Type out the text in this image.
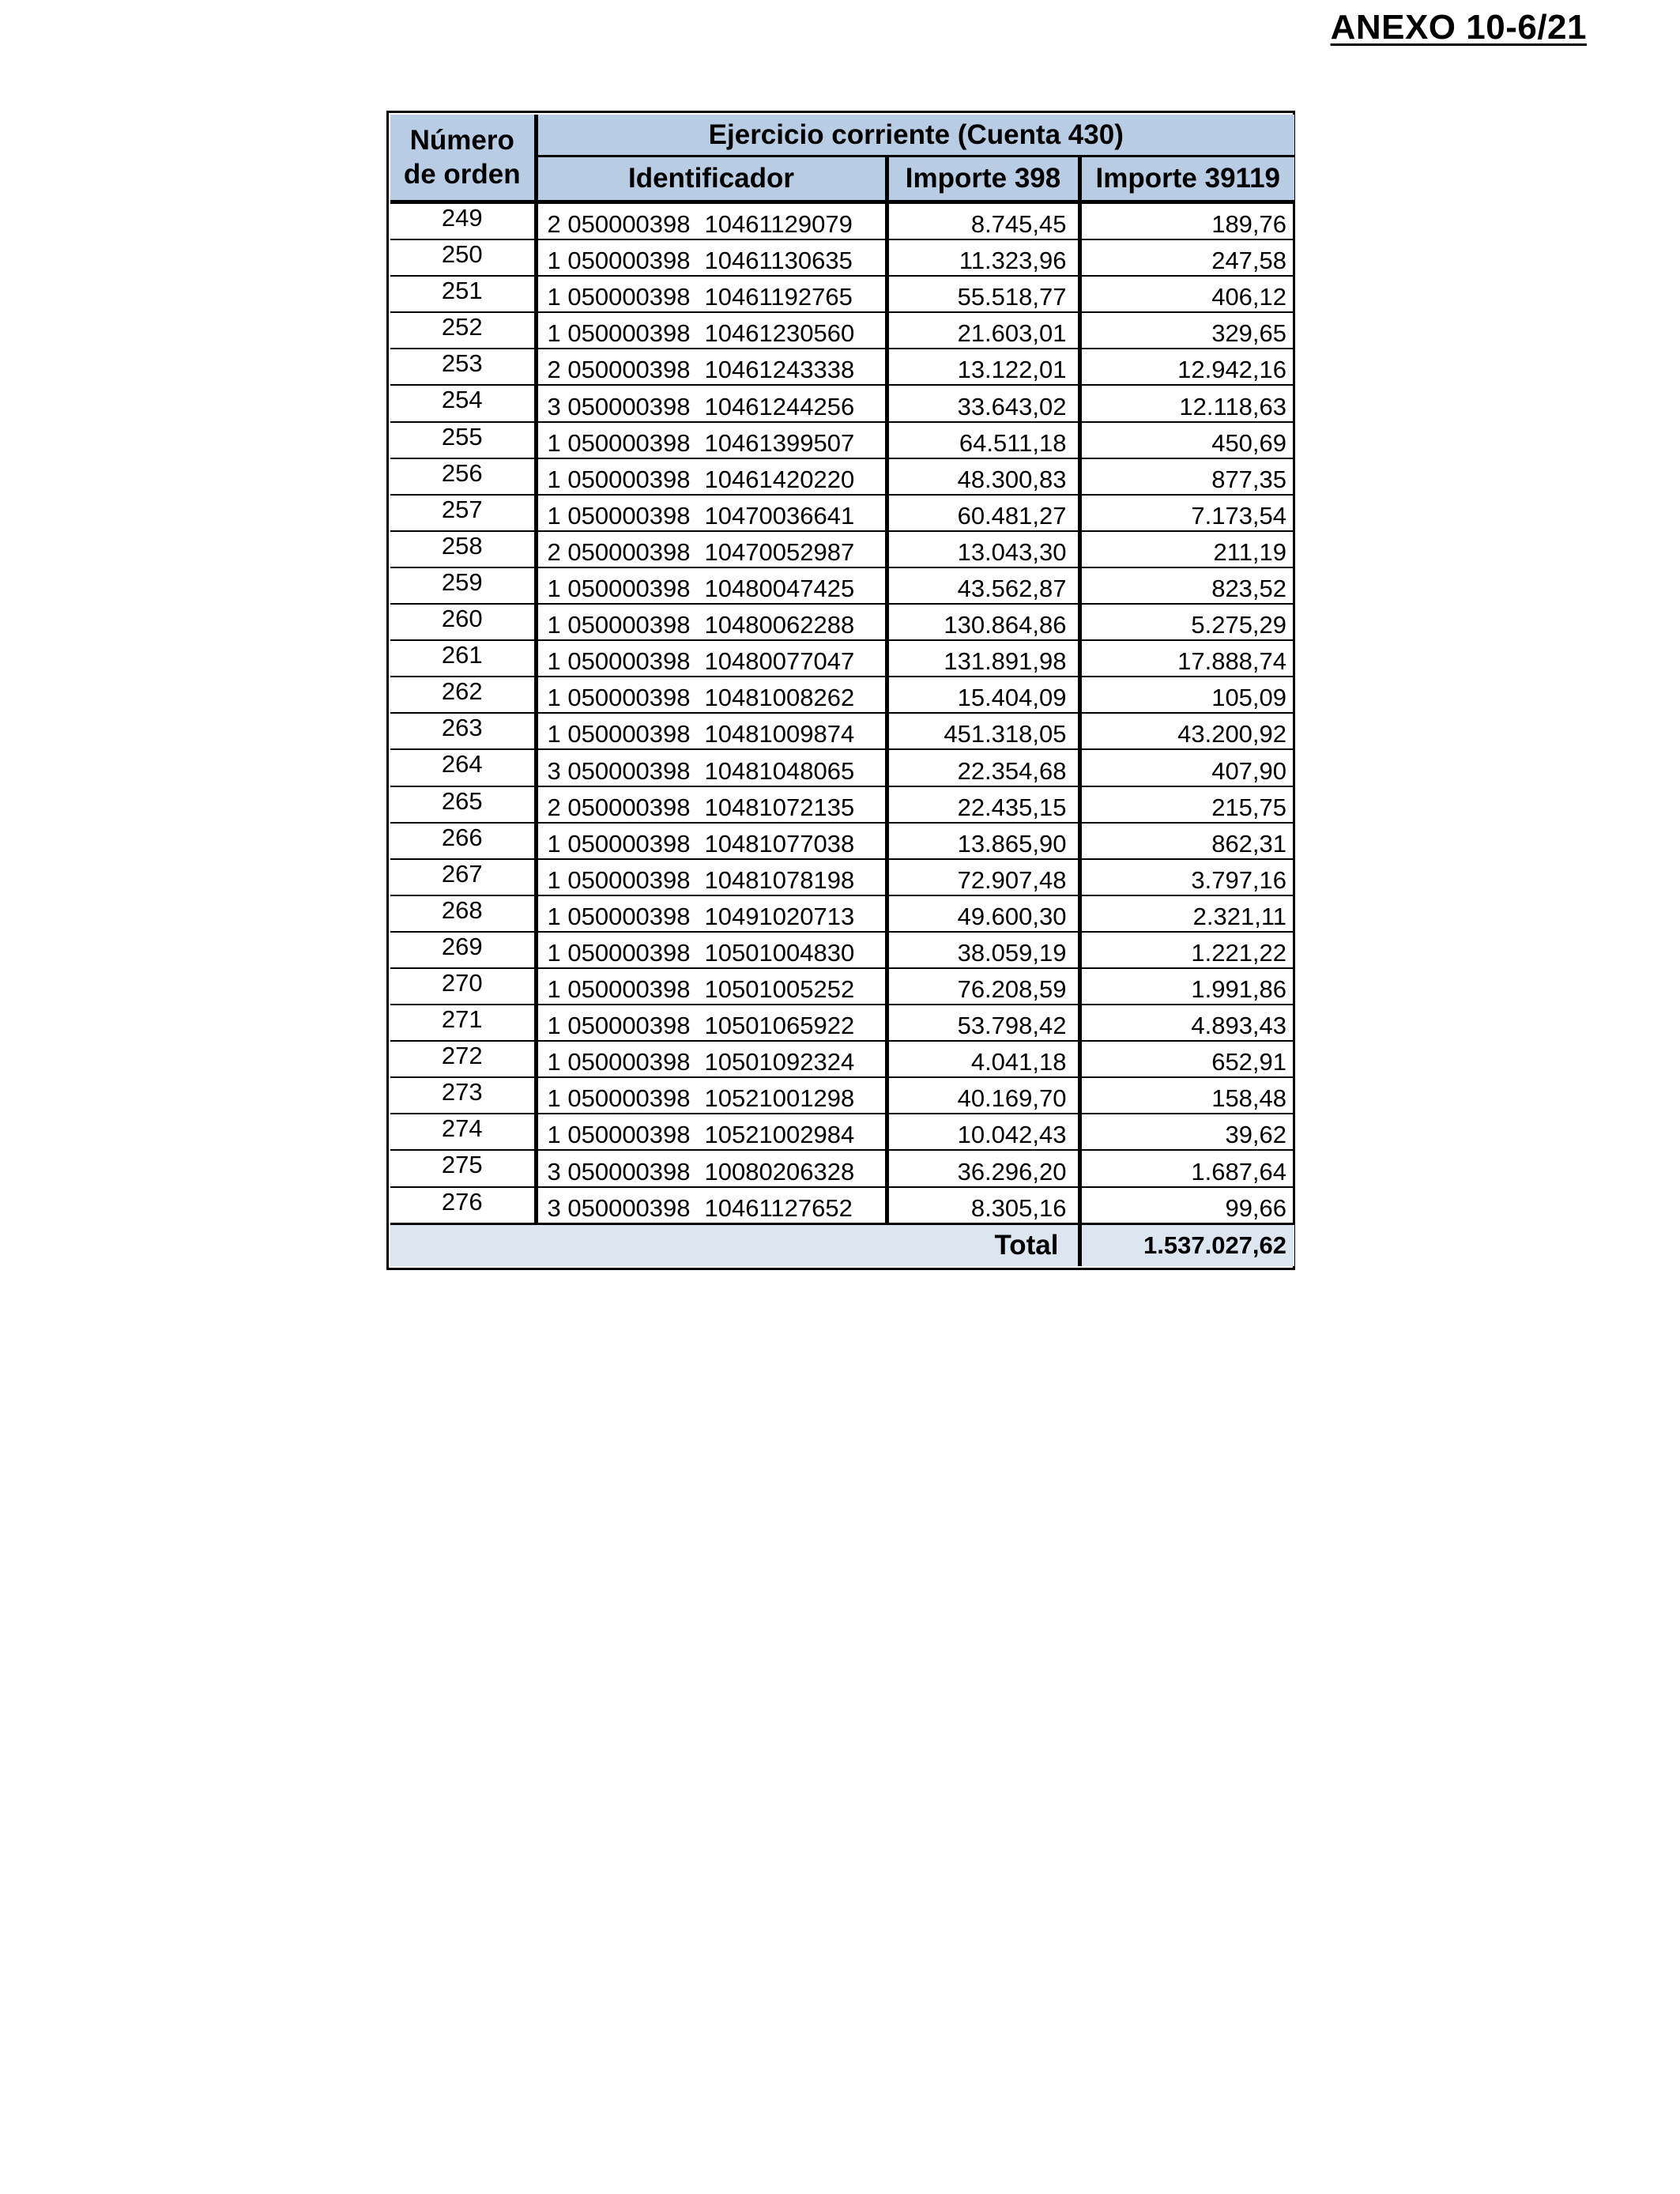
ANEXO 10-6/21
Número
de orden	Ejercicio corriente (Cuenta 430)		
	Identificador	Importe 398	Importe 39119
249	2 050000398 10461129079	8.745,45	189,76
250	1 050000398 10461130635	11.323,96	247,58
251	1 050000398 10461192765	55.518,77	406,12
252	1 050000398 10461230560	21.603,01	329,65
253	2 050000398 10461243338	13.122,01	12.942,16
254	3 050000398 10461244256	33.643,02	12.118,63
255	1 050000398 10461399507	64.511,18	450,69
256	1 050000398 10461420220	48.300,83	877,35
257	1 050000398 10470036641	60.481,27	7.173,54
258	2 050000398 10470052987	13.043,30	211,19
259	1 050000398 10480047425	43.562,87	823,52
260	1 050000398 10480062288	130.864,86	5.275,29
261	1 050000398 10480077047	131.891,98	17.888,74
262	1 050000398 10481008262	15.404,09	105,09
263	1 050000398 10481009874	451.318,05	43.200,92
264	3 050000398 10481048065	22.354,68	407,90
265	2 050000398 10481072135	22.435,15	215,75
266	1 050000398 10481077038	13.865,90	862,31
267	1 050000398 10481078198	72.907,48	3.797,16
268	1 050000398 10491020713	49.600,30	2.321,11
269	1 050000398 10501004830	38.059,19	1.221,22
270	1 050000398 10501005252	76.208,59	1.991,86
271	1 050000398 10501065922	53.798,42	4.893,43
272	1 050000398 10501092324	4.041,18	652,91
273	1 050000398 10521001298	40.169,70	158,48
274	1 050000398 10521002984	10.042,43	39,62
275	3 050000398 10080206328	36.296,20	1.687,64
276	3 050000398 10461127652	8.305,16	99,66
		Total	1.537.027,62
